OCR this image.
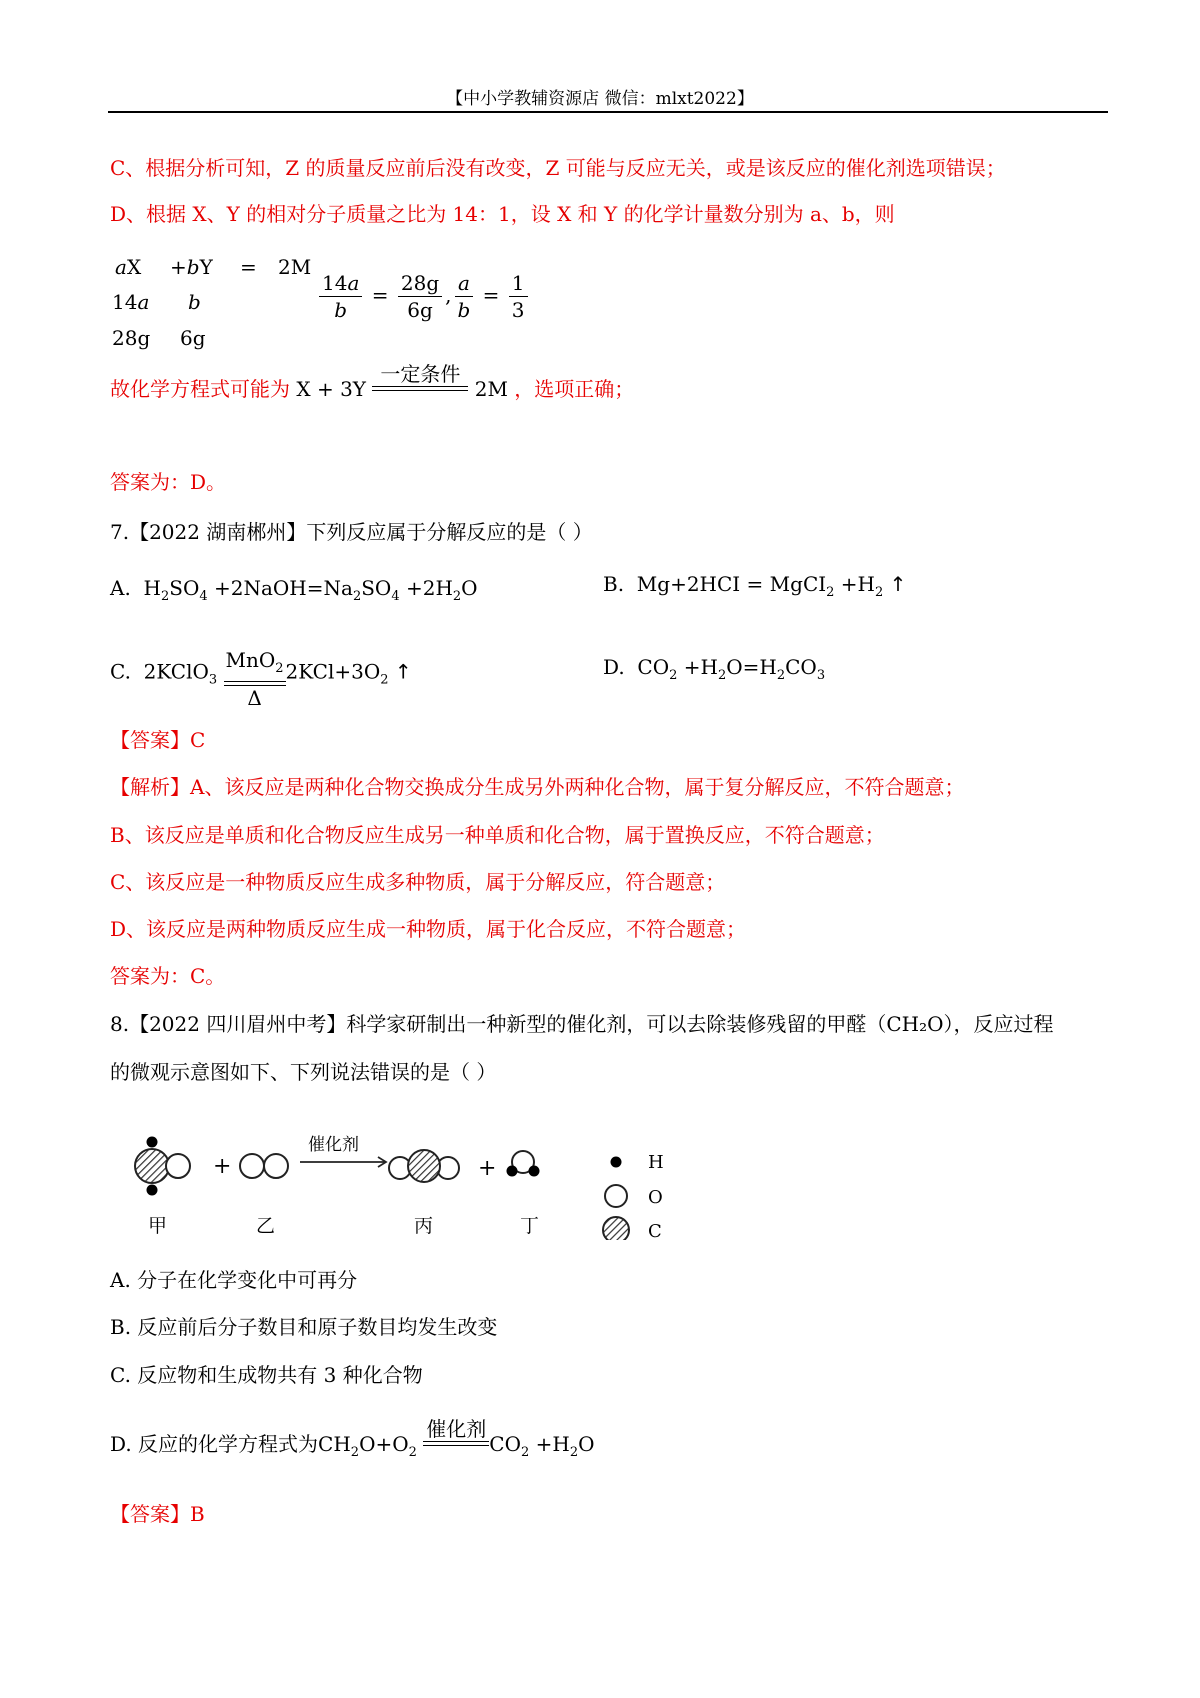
【中小学教辅资源店 微信：mlxt2022】
C、根据分析可知，Z 的质量反应前后没有改变，Z 可能与反应无关，或是该反应的催化剂选项错误；
D、根据 X、Y 的相对分子质量之比为 14：1，设 X 和 Y 的化学计量数分别为 a、b，则
aX +bY = 2M
14a b
28g 6g
$\frac{14a}{b} = \frac{28g}{6g}$ , $\frac{a}{b} = \frac{1}{3}$
故化学方程式可能为 X + 3Y
一定条件
2M ，选项正确；
答案为：D。
7.【2022 湖南郴州】下列反应属于分解反应的是（ ）
A.  $H_2SO_4$ $+2NaOH=Na_2SO_4 +2H_2O$	B. Mg+2HCI = MgCI$_2$ $+H_2$ ↑
C.  2KClO$_3$
MnO$_2$
Δ
$2KCl+3O_2$ ↑	D.  $CO_2 +H_2O=H_2CO_3$
【答案】C
【解析】A、该反应是两种化合物交换成分生成另外两种化合物，属于复分解反应，不符合题意；
B、该反应是单质和化合物反应生成另一种单质和化合物，属于置换反应，不符合题意；
C、该反应是一种物质反应生成多种物质，属于分解反应，符合题意；
D、该反应是两种物质反应生成一种物质，属于化合反应，不符合题意；
答案为：C。
8.【2022 四川眉州中考】科学家研制出一种新型的催化剂，可以去除装修残留的甲醛（CH₂O），反应过程
的微观示意图如下、下列说法错误的是（ ）
+
催化剂
+
甲	乙	丙	丁
H
O
C
A. 分子在化学变化中可再分
B. 反应前后分子数目和原子数目均发生改变
C. 反应物和生成物共有 3 种化合物
D. 反应的化学方程式为$CH_2O+O_2$
催化剂
$CO_2 +H_2O$
【答案】B
